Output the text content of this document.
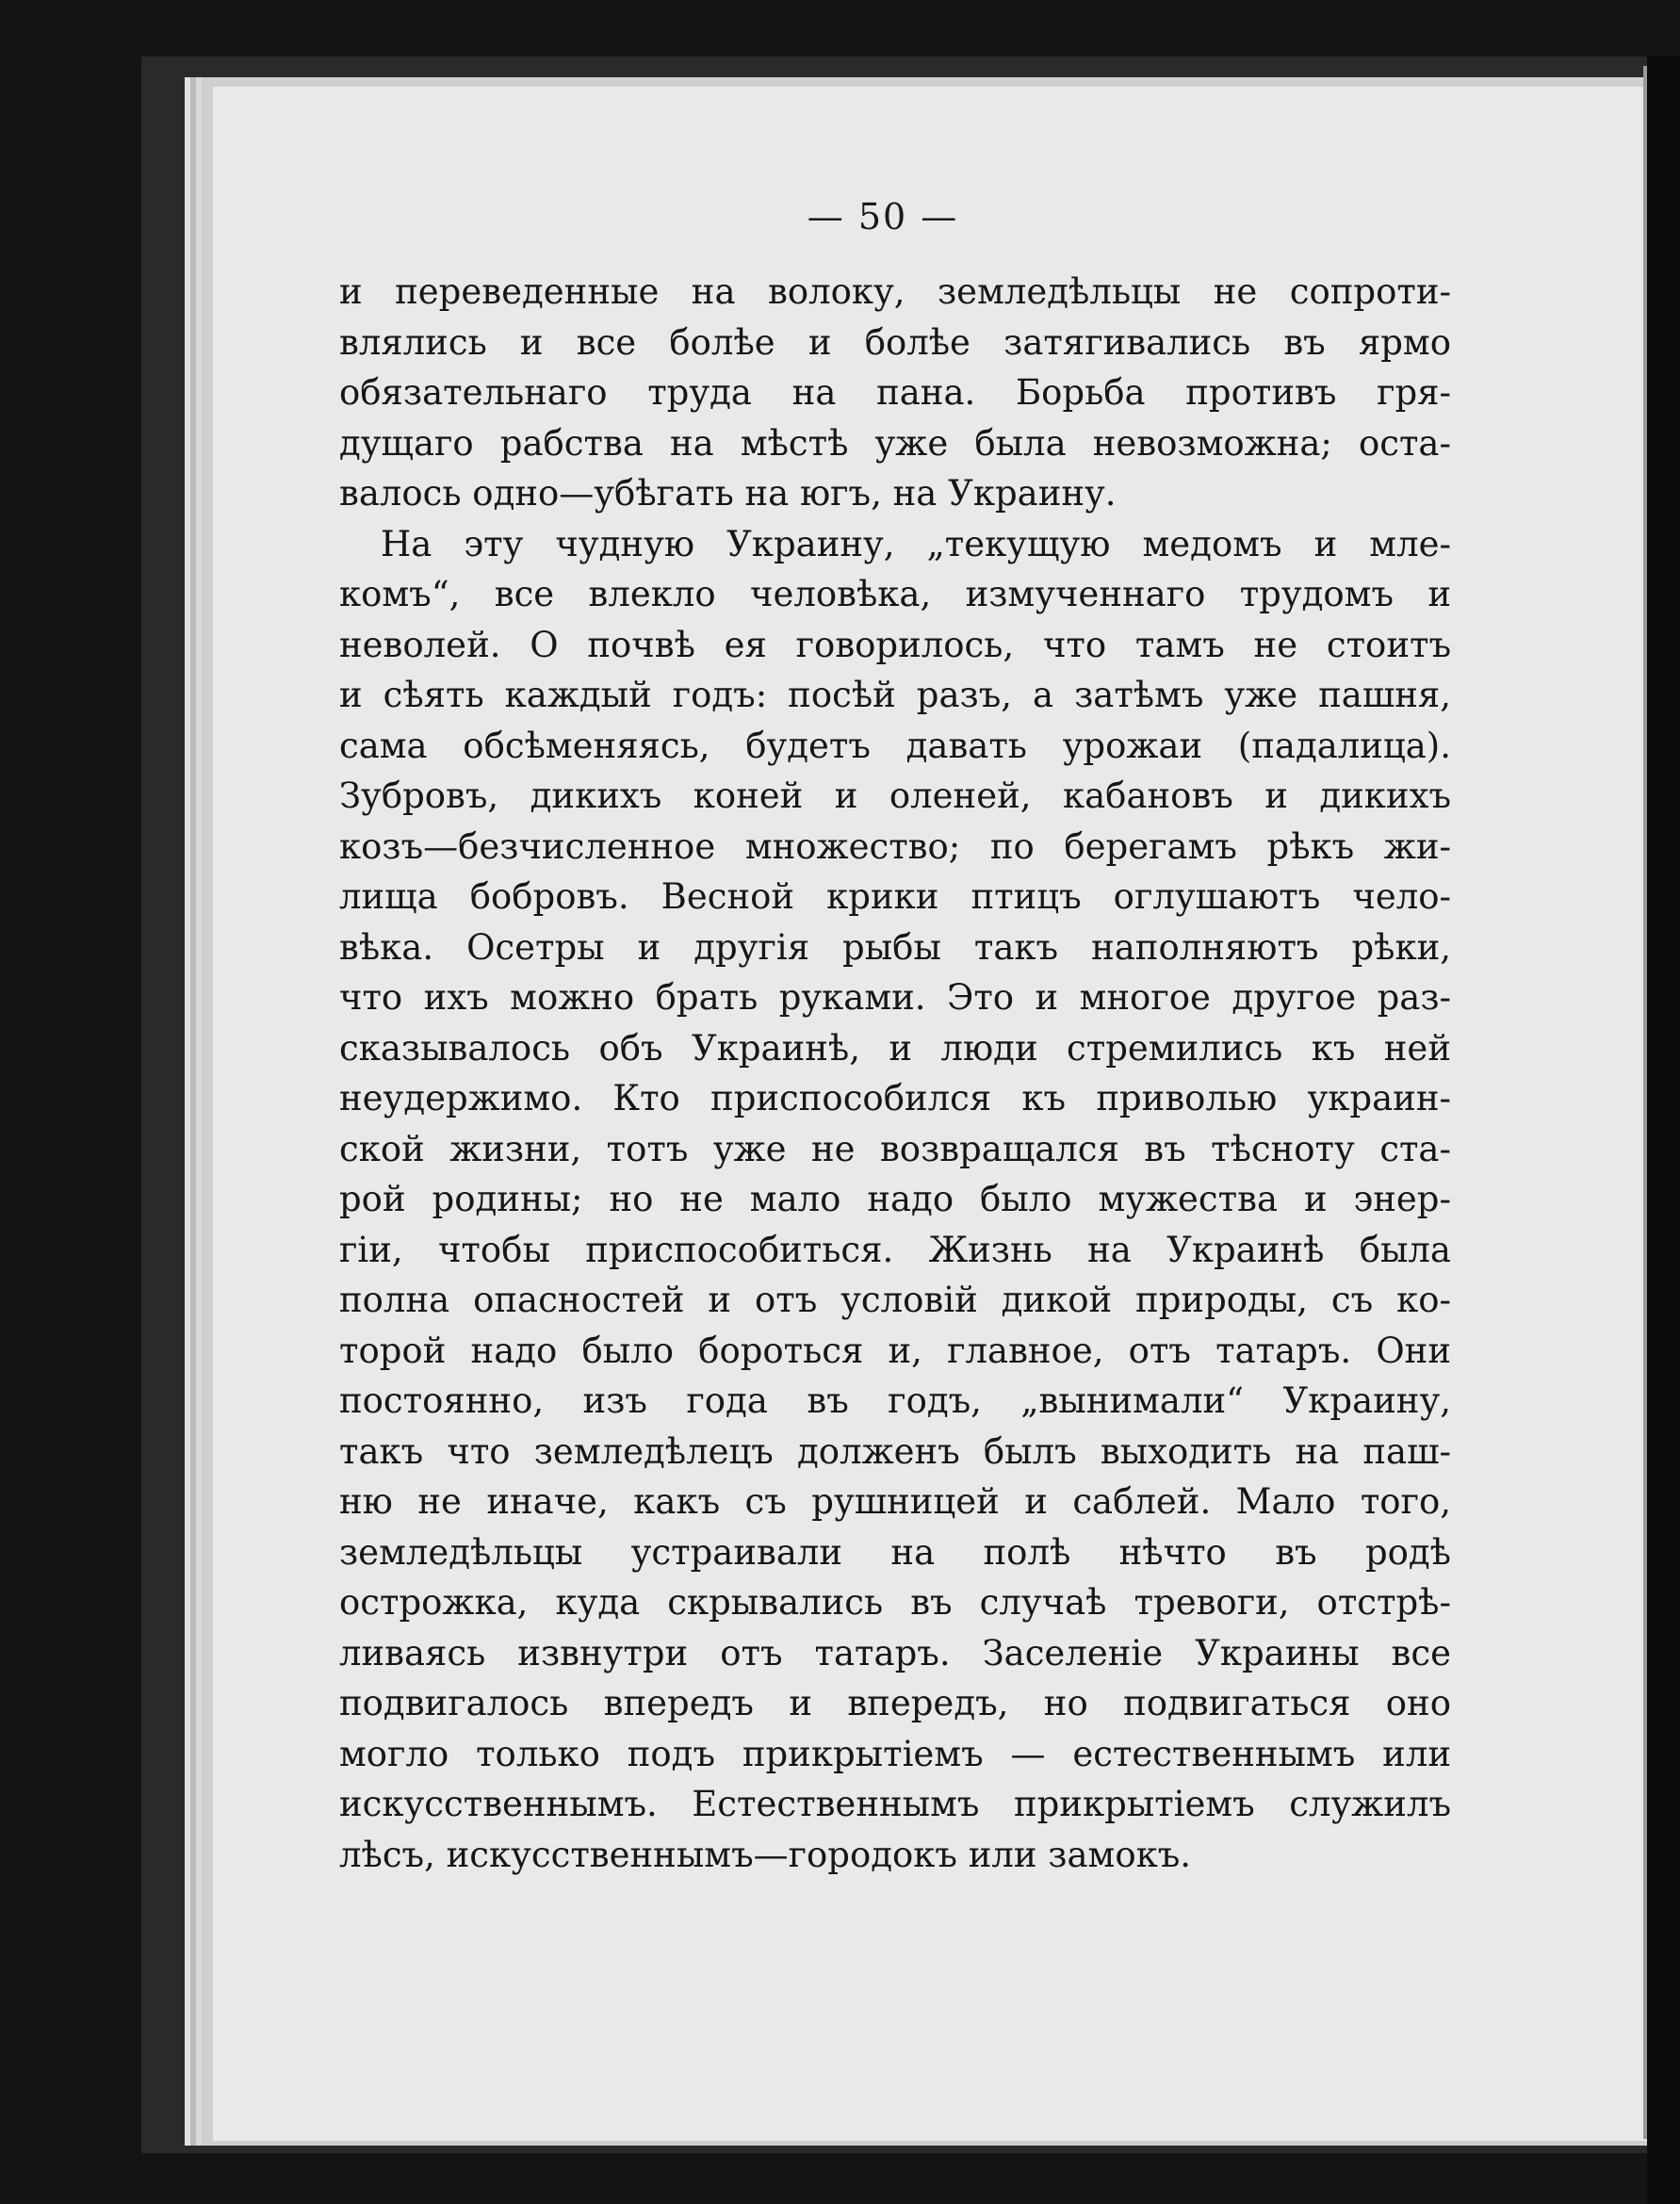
— 50 —
и переведенные на волоку, земледѣльцы не сопроти-
влялись и все болѣе и болѣе затягивались въ ярмо
обязательнаго труда на пана. Борьба противъ гря-
дущаго рабства на мѣстѣ уже была невозможна; оста-
валось одно—убѣгать на югъ, на Украину.
На эту чудную Украину, „текущую медомъ и мле-
комъ“, все влекло человѣка, измученнаго трудомъ и
неволей. О почвѣ ея говорилось, что тамъ не стоитъ
и сѣять каждый годъ: посѣй разъ, а затѣмъ уже пашня,
сама обсѣменяясь, будетъ давать урожаи (падалица).
Зубровъ, дикихъ коней и оленей, кабановъ и дикихъ
козъ—безчисленное множество; по берегамъ рѣкъ жи-
лища бобровъ. Весной крики птицъ оглушаютъ чело-
вѣка. Осетры и другія рыбы такъ наполняютъ рѣки,
что ихъ можно брать руками. Это и многое другое раз-
сказывалось объ Украинѣ, и люди стремились къ ней
неудержимо. Кто приспособился къ приволью украин-
ской жизни, тотъ уже не возвращался въ тѣсноту ста-
рой родины; но не мало надо было мужества и энер-
гіи, чтобы приспособиться. Жизнь на Украинѣ была
полна опасностей и отъ условій дикой природы, съ ко-
торой надо было бороться и, главное, отъ татаръ. Они
постоянно, изъ года въ годъ, „вынимали“ Украину,
такъ что земледѣлецъ долженъ былъ выходить на паш-
ню не иначе, какъ съ рушницей и саблей. Мало того,
земледѣльцы устраивали на полѣ нѣчто въ родѣ
острожка, куда скрывались въ случаѣ тревоги, отстрѣ-
ливаясь извнутри отъ татаръ. Заселеніе Украины все
подвигалось впередъ и впередъ, но подвигаться оно
могло только подъ прикрытіемъ — естественнымъ или
искусственнымъ. Естественнымъ прикрытіемъ служилъ
лѣсъ, искусственнымъ—городокъ или замокъ.
